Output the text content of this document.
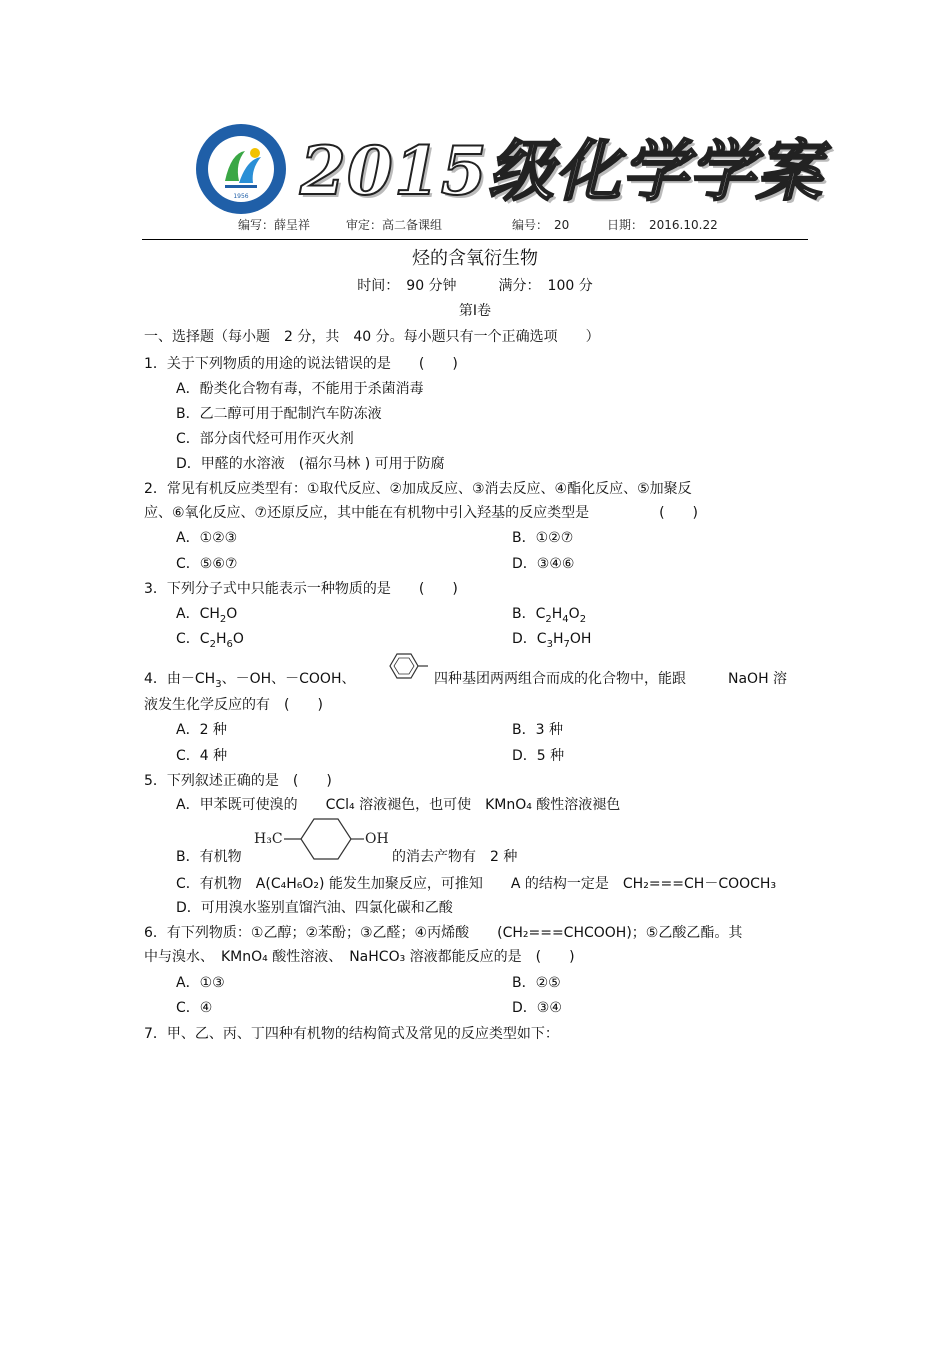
1956 2015级化学学案
编写：薛呈祥	审定：高二备课组	编号：　20	日期：　2016.10.22
烃的含氧衍生物
时间：　90 分钟　　　满分：　100 分
第Ⅰ卷
一、选择题（每小题　2 分，共　40 分。每小题只有一个正确选项　　）
1．关于下列物质的用途的说法错误的是　　(　　)
A．酚类化合物有毒，不能用于杀菌消毒
B．乙二醇可用于配制汽车防冻液
C．部分卤代烃可用作灭火剂
D．甲醛的水溶液　(福尔马林 ) 可用于防腐
2．常见有机反应类型有：①取代反应、②加成反应、③消去反应、④酯化反应、⑤加聚反
应、⑥氧化反应、⑦还原反应，其中能在有机物中引入羟基的反应类型是　　　　　(　　)
A．①②③	B．①②⑦
C．⑤⑥⑦	D．③④⑥
3．下列分子式中只能表示一种物质的是　　(　　)
A．$CH_2O$	B．$C_2H_4O_2$
C．$C_2H_6O$	D．$C_3H_7OH$
4．由$-CH_3$、－OH、－COOH、	四种基团两两组合而成的化合物中，能跟　　　NaOH 溶
液发生化学反应的有　(　　)
A．2 种	B．3 种
C．4 种	D．5 种
5．下列叙述正确的是　(　　)
A．甲苯既可使溴的　　CCl₄ 溶液褪色，也可使　KMnO₄ 酸性溶液褪色
H₃C	OH
B．有机物	的消去产物有　2 种
C．有机物　A(C₄H₆O₂) 能发生加聚反应，可推知　　A 的结构一定是　CH₂===CH－COOCH₃
D．可用溴水鉴别直馏汽油、四氯化碳和乙酸
6．有下列物质：①乙醇；②苯酚；③乙醛；④丙烯酸　　(CH₂===CHCOOH)；⑤乙酸乙酯。其
中与溴水、　KMnO₄ 酸性溶液、　NaHCO₃ 溶液都能反应的是　(　　)
A．①③	B．②⑤
C．④	D．③④
7．甲、乙、丙、丁四种有机物的结构简式及常见的反应类型如下：
